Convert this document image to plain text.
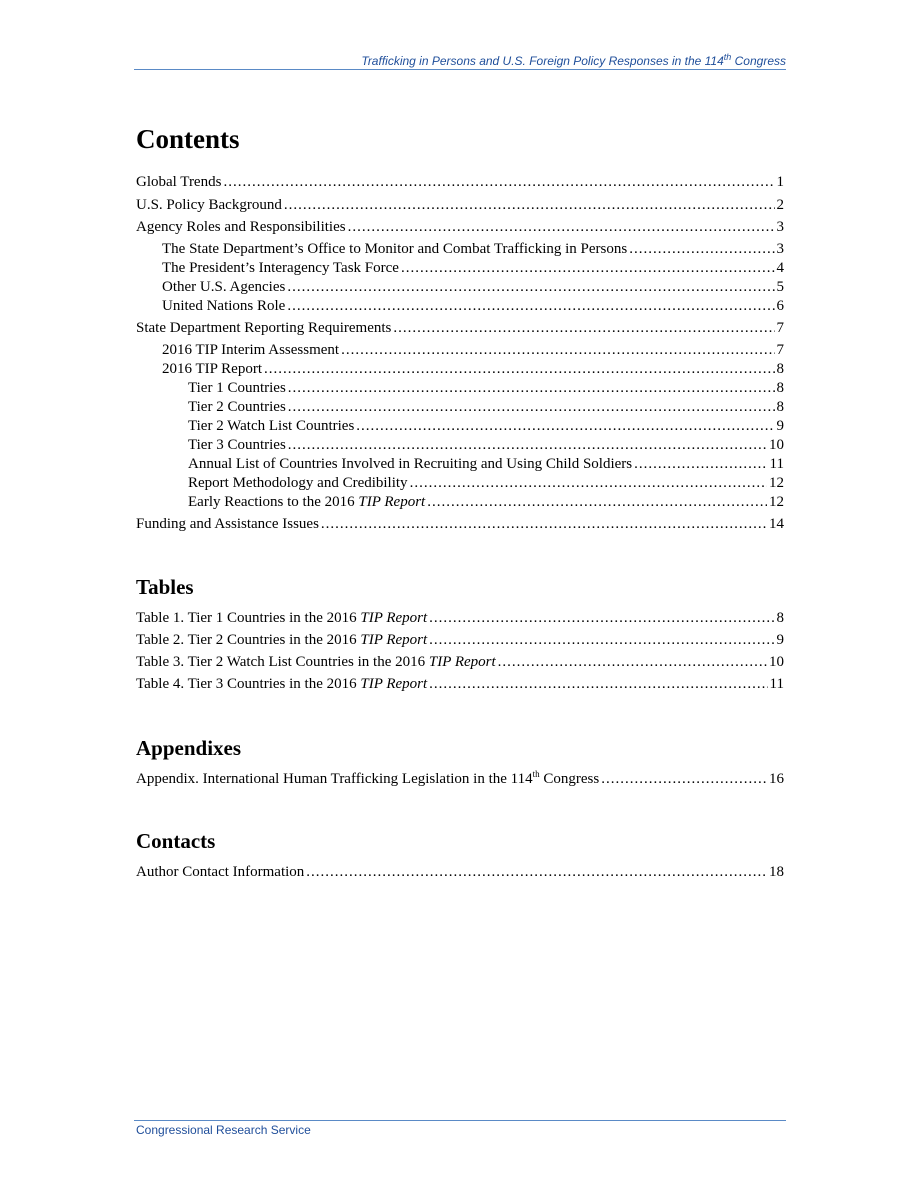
Trafficking in Persons and U.S. Foreign Policy Responses in the 114th Congress
Contents
Global Trends .....	1
U.S. Policy Background .....	2
Agency Roles and Responsibilities .....	3
The State Department’s Office to Monitor and Combat Trafficking in Persons .....	3
The President’s Interagency Task Force .....	4
Other U.S. Agencies .....	5
United Nations Role .....	6
State Department Reporting Requirements .....	7
2016 TIP Interim Assessment .....	7
2016 TIP Report .....	8
Tier 1 Countries .....	8
Tier 2 Countries .....	8
Tier 2 Watch List Countries .....	9
Tier 3 Countries .....	10
Annual List of Countries Involved in Recruiting and Using Child Soldiers .....	11
Report Methodology and Credibility .....	12
Early Reactions to the 2016 TIP Report .....	12
Funding and Assistance Issues .....	14
Tables
Table 1. Tier 1 Countries in the 2016 TIP Report .....	8
Table 2. Tier 2 Countries in the 2016 TIP Report .....	9
Table 3. Tier 2 Watch List Countries in the 2016 TIP Report .....	10
Table 4. Tier 3 Countries in the 2016 TIP Report .....	11
Appendixes
Appendix. International Human Trafficking Legislation in the 114th Congress .....	16
Contacts
Author Contact Information .....	18
Congressional Research Service
